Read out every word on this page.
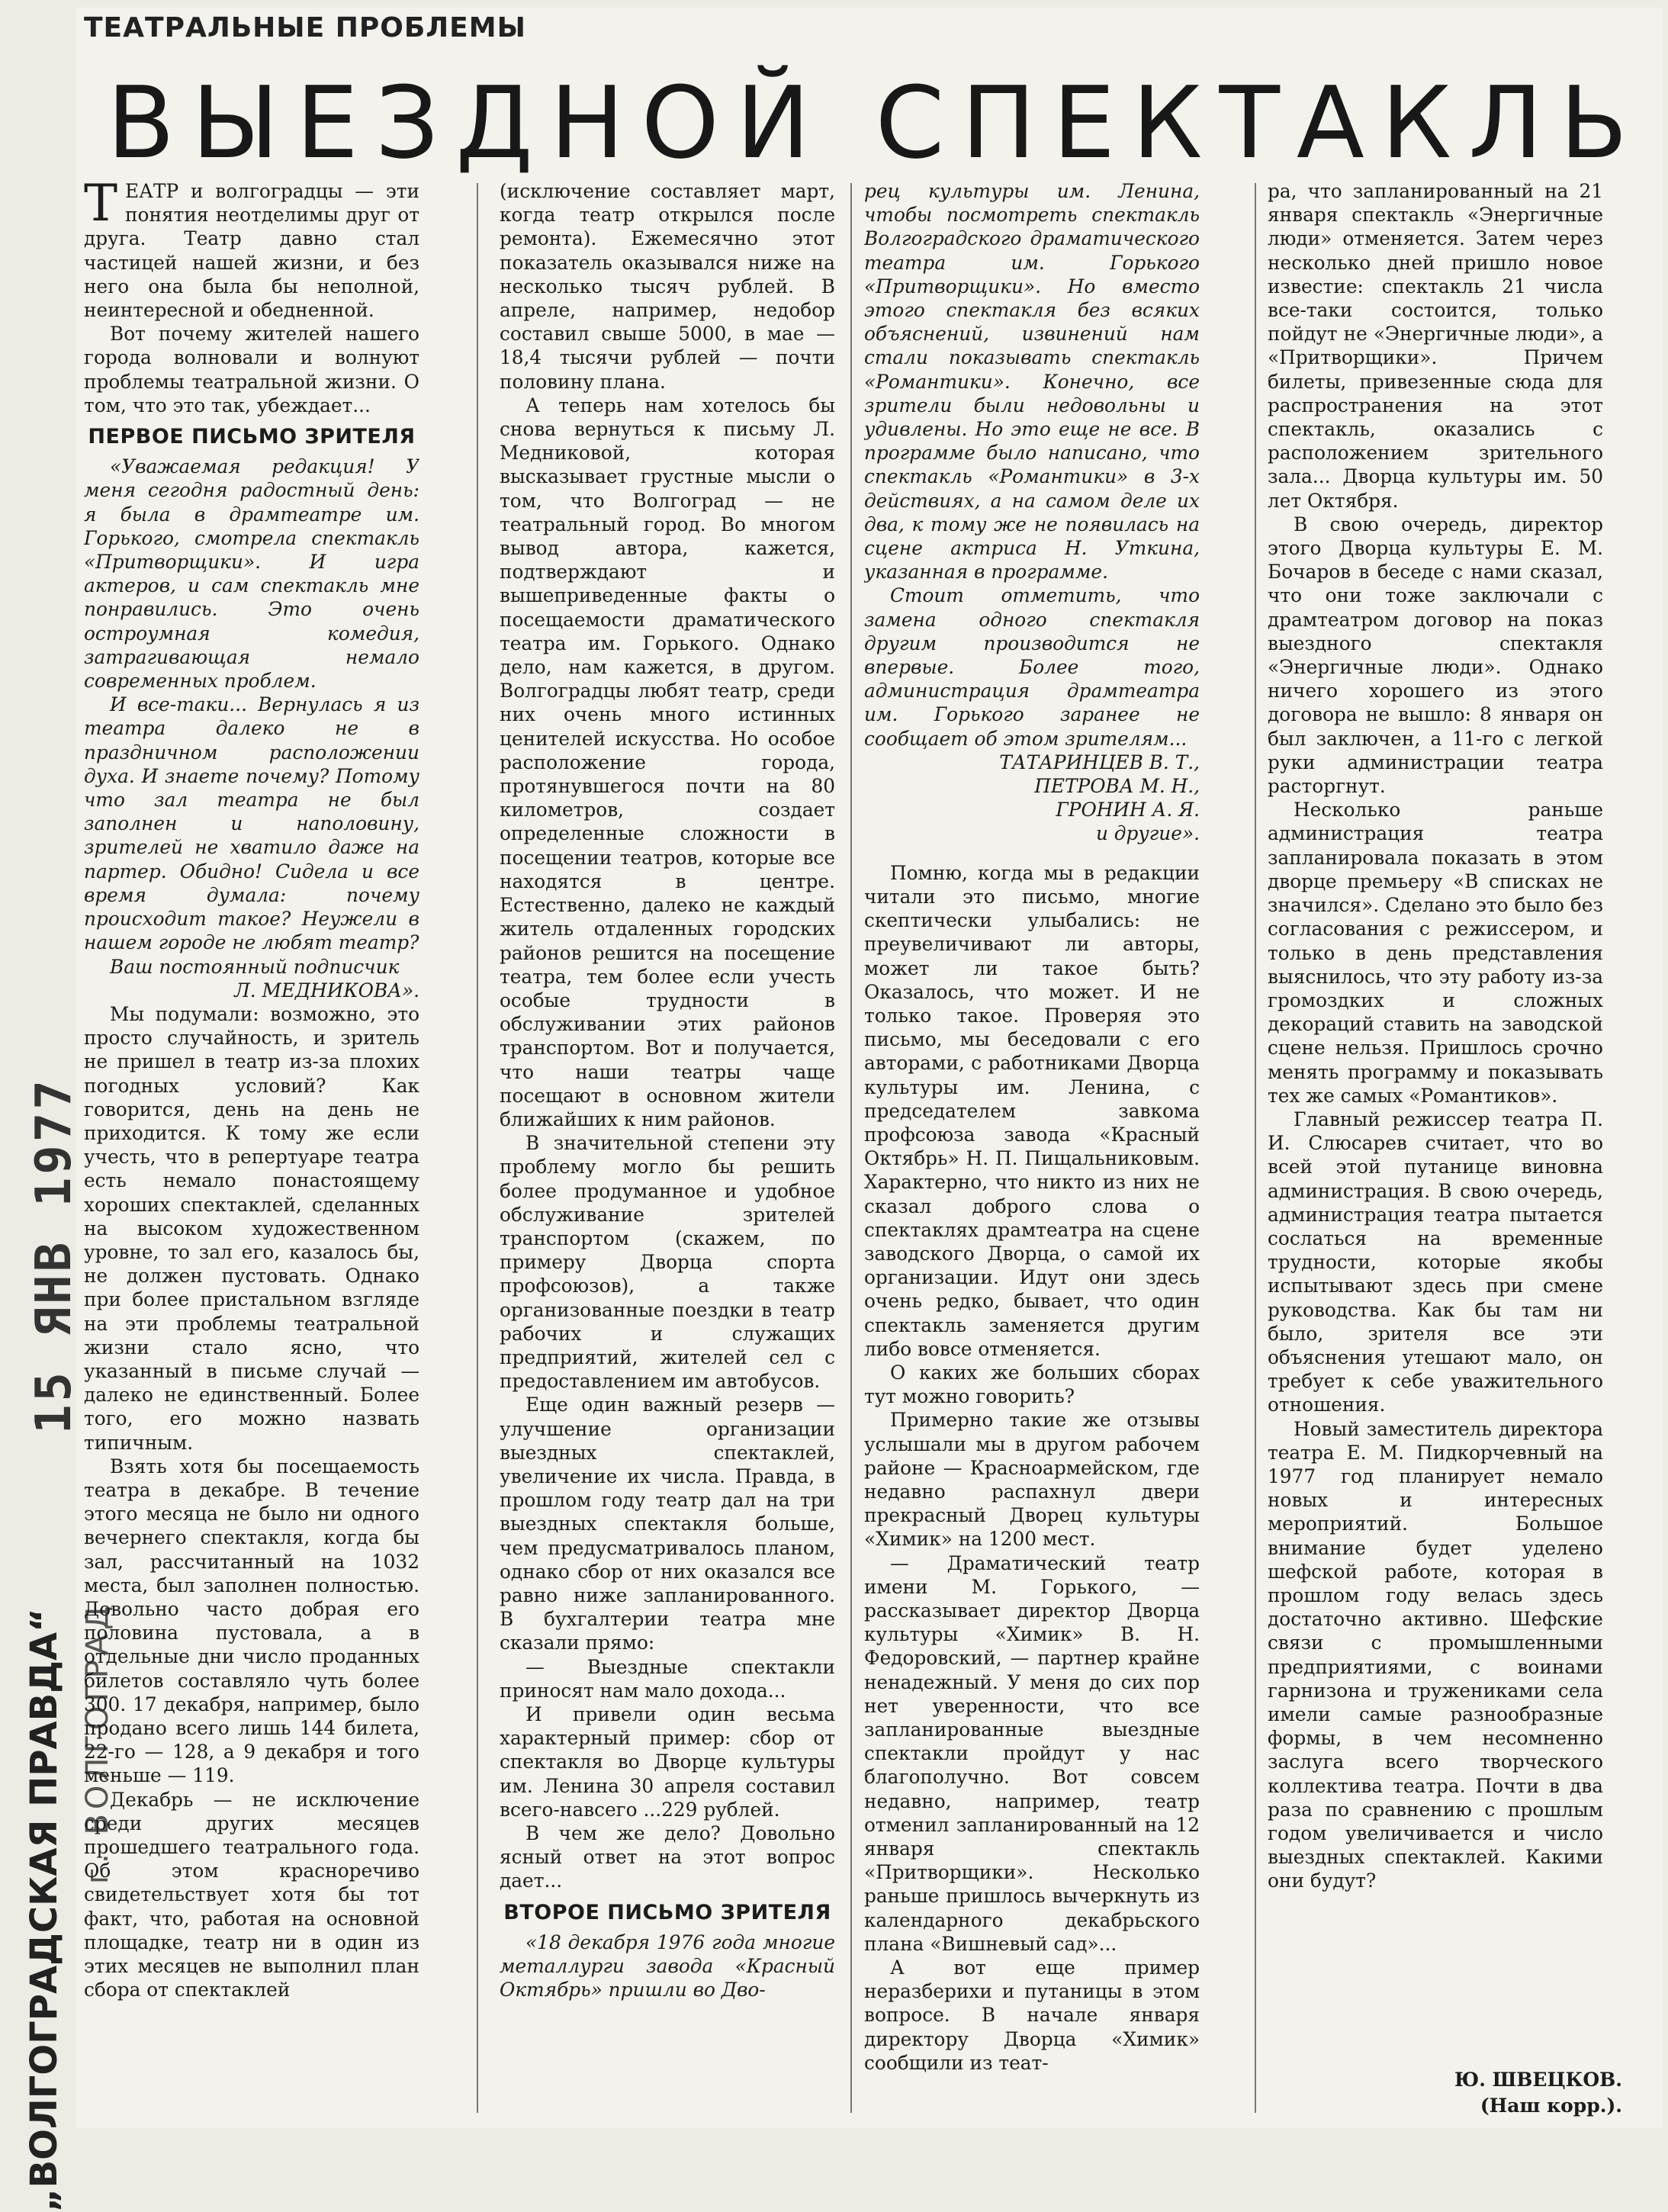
„ВОЛГОГРАДСКАЯ ПРАВДА“
15 ЯНВ 1977
г. ВОЛГОГРАД
ТЕАТРАЛЬНЫЕ ПРОБЛЕМЫ
ВЫЕЗДНОЙ СПЕКТАКЛЬ

ТЕАТР и волгоградцы — эти понятия неотделимы друг от друга. Театр давно стал частицей нашей жизни, и без него она была бы неполной, неинтересной и обедненной.

Вот почему жителей нашего города волновали и волнуют проблемы театральной жизни. О том, что это так, убеждает...

ПЕРВОЕ ПИСЬМО ЗРИТЕЛЯ

«Уважаемая редакция! У меня сегодня радостный день: я была в драмтеатре им. Горького, смотрела спектакль «Притворщики». И игра актеров, и сам спектакль мне понравились. Это очень остроумная комедия, затрагивающая немало современных проблем.

И все-таки... Вернулась я из театра далеко не в праздничном расположении духа. И знаете почему? Потому что зал театра не был заполнен и наполовину, зрителей не хватило даже на партер. Обидно! Сидела и все время думала: почему происходит такое? Неужели в нашем городе не любят театр?

Ваш постоянный подписчик

Л. МЕДНИКОВА».

Мы подумали: возможно, это просто случайность, и зритель не пришел в театр из-за плохих погодных условий? Как говорится, день на день не приходится. К тому же если учесть, что в репертуаре театра есть немало понастоящему хороших спектаклей, сделанных на высоком художественном уровне, то зал его, казалось бы, не должен пустовать. Однако при более пристальном взгляде на эти проблемы театральной жизни стало ясно, что указанный в письме случай — далеко не единственный. Более того, его можно назвать типичным.

Взять хотя бы посещаемость театра в декабре. В течение этого месяца не было ни одного вечернего спектакля, когда бы зал, рассчитанный на 1032 места, был заполнен полностью. Довольно часто добрая его половина пустовала, а в отдельные дни число проданных билетов составляло чуть более 300. 17 декабря, например, было продано всего лишь 144 билета, 22-го — 128, а 9 декабря и того меньше — 119.

Декабрь — не исключение среди других месяцев прошедшего театрального года. Об этом красноречиво свидетельствует хотя бы тот факт, что, работая на основной площадке, театр ни в один из этих месяцев не выполнил план сбора от спектаклей

(исключение составляет март, когда театр открылся после ремонта). Ежемесячно этот показатель оказывался ниже на несколько тысяч рублей. В апреле, например, недобор составил свыше 5000, в мае — 18,4 тысячи рублей — почти половину плана.

А теперь нам хотелось бы снова вернуться к письму Л. Медниковой, которая высказывает грустные мысли о том, что Волгоград — не театральный город. Во многом вывод автора, кажется, подтверждают и вышеприведенные факты о посещаемости драматического театра им. Горького. Однако дело, нам кажется, в другом. Волгоградцы любят театр, среди них очень много истинных ценителей искусства. Но особое расположение города, протянувшегося почти на 80 километров, создает определенные сложности в посещении театров, которые все находятся в центре. Естественно, далеко не каждый житель отдаленных городских районов решится на посещение театра, тем более если учесть особые трудности в обслуживании этих районов транспортом. Вот и получается, что наши театры чаще посещают в основном жители ближайших к ним районов.

В значительной степени эту проблему могло бы решить более продуманное и удобное обслуживание зрителей транспортом (скажем, по примеру Дворца спорта профсоюзов), а также организованные поездки в театр рабочих и служащих предприятий, жителей сел с предоставлением им автобусов.

Еще один важный резерв — улучшение организации выездных спектаклей, увеличение их числа. Правда, в прошлом году театр дал на три выездных спектакля больше, чем предусматривалось планом, однако сбор от них оказался все равно ниже запланированного. В бухгалтерии театра мне сказали прямо:

— Выездные спектакли приносят нам мало дохода...

И привели один весьма характерный пример: сбор от спектакля во Дворце культуры им. Ленина 30 апреля составил всего-навсего ...229 рублей.

В чем же дело? Довольно ясный ответ на этот вопрос дает...

ВТОРОЕ ПИСЬМО ЗРИТЕЛЯ

«18 декабря 1976 года многие металлурги завода «Красный Октябрь» пришли во Дво-

рец культуры им. Ленина, чтобы посмотреть спектакль Волгоградского драматического театра им. Горького «Притворщики». Но вместо этого спектакля без всяких объяснений, извинений нам стали показывать спектакль «Романтики». Конечно, все зрители были недовольны и удивлены. Но это еще не все. В программе было написано, что спектакль «Романтики» в 3-х действиях, а на самом деле их два, к тому же не появилась на сцене актриса Н. Уткина, указанная в программе.

Стоит отметить, что замена одного спектакля другим производится не впервые. Более того, администрация драмтеатра им. Горького заранее не сообщает об этом зрителям...

ТАТАРИНЦЕВ В. Т.,

ПЕТРОВА М. Н.,

ГРОНИН А. Я.

и другие».

Помню, когда мы в редакции читали это письмо, многие скептически улыбались: не преувеличивают ли авторы, может ли такое быть? Оказалось, что может. И не только такое. Проверяя это письмо, мы беседовали с его авторами, с работниками Дворца культуры им. Ленина, с председателем завкома профсоюза завода «Красный Октябрь» Н. П. Пищальниковым. Характерно, что никто из них не сказал доброго слова о спектаклях драмтеатра на сцене заводского Дворца, о самой их организации. Идут они здесь очень редко, бывает, что один спектакль заменяется другим либо вовсе отменяется.

О каких же больших сборах тут можно говорить?

Примерно такие же отзывы услышали мы в другом рабочем районе — Красноармейском, где недавно распахнул двери прекрасный Дворец культуры «Химик» на 1200 мест.

— Драматический театр имени М. Горького, — рассказывает директор Дворца культуры «Химик» В. Н. Федоровский, — партнер крайне ненадежный. У меня до сих пор нет уверенности, что все запланированные выездные спектакли пройдут у нас благополучно. Вот совсем недавно, например, театр отменил запланированный на 12 января спектакль «Притворщики». Несколько раньше пришлось вычеркнуть из календарного декабрьского плана «Вишневый сад»...

А вот еще пример неразберихи и путаницы в этом вопросе. В начале января директору Дворца «Химик» сообщили из теат-

ра, что запланированный на 21 января спектакль «Энергичные люди» отменяется. Затем через несколько дней пришло новое известие: спектакль 21 числа все-таки состоится, только пойдут не «Энергичные люди», а «Притворщики». Причем билеты, привезенные сюда для распространения на этот спектакль, оказались с расположением зрительного зала... Дворца культуры им. 50 лет Октября.

В свою очередь, директор этого Дворца культуры Е. М. Бочаров в беседе с нами сказал, что они тоже заключали с драмтеатром договор на показ выездного спектакля «Энергичные люди». Однако ничего хорошего из этого договора не вышло: 8 января он был заключен, а 11-го с легкой руки администрации театра расторгнут.

Несколько раньше администрация театра запланировала показать в этом дворце премьеру «В списках не значился». Сделано это было без согласования с режиссером, и только в день представления выяснилось, что эту работу из-за громоздких и сложных декораций ставить на заводской сцене нельзя. Пришлось срочно менять программу и показывать тех же самых «Романтиков».

Главный режиссер театра П. И. Слюсарев считает, что во всей этой путанице виновна администрация. В свою очередь, администрация театра пытается сослаться на временные трудности, которые якобы испытывают здесь при смене руководства. Как бы там ни было, зрителя все эти объяснения утешают мало, он требует к себе уважительного отношения.

Новый заместитель директора театра Е. М. Пидкорчевный на 1977 год планирует немало новых и интересных мероприятий. Большое внимание будет уделено шефской работе, которая в прошлом году велась здесь достаточно активно. Шефские связи с промышленными предприятиями, с воинами гарнизона и тружениками села имели самые разнообразные формы, в чем несомненно заслуга всего творческого коллектива театра. Почти в два раза по сравнению с прошлым годом увеличивается и число выездных спектаклей. Какими они будут?

Ю. ШВЕЦКОВ.
(Наш корр.).
